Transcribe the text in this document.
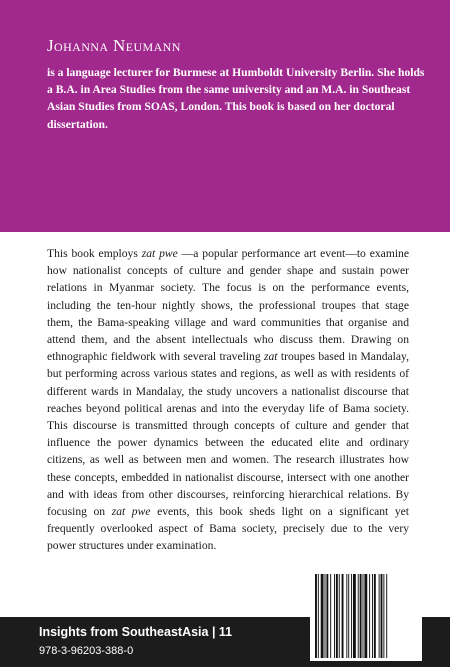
Johanna Neumann

is a language lecturer for Burmese at Humboldt University Berlin. She holds a B.A. in Area Studies from the same university and an M.A. in Southeast Asian Studies from SOAS, London. This book is based on her doctoral dissertation.

This book employs zat pwe —a popular performance art event—to examine how nationalist concepts of culture and gender shape and sustain power relations in Myanmar society. The focus is on the performance events, including the ten-hour nightly shows, the professional troupes that stage them, the Bama-speaking village and ward communities that organise and attend them, and the absent intellectuals who discuss them. Drawing on ethnographic fieldwork with several traveling zat troupes based in Mandalay, but performing across various states and regions, as well as with residents of different wards in Mandalay, the study uncovers a nationalist discourse that reaches beyond political arenas and into the everyday life of Bama society. This discourse is transmitted through concepts of culture and gender that influence the power dynamics between the educated elite and ordinary citizens, as well as between men and women. The research illustrates how these concepts, embedded in nationalist discourse, intersect with one another and with ideas from other discourses, reinforcing hierarchical relations. By focusing on zat pwe events, this book sheds light on a significant yet frequently overlooked aspect of Bama society, precisely due to the very power structures under examination.

Insights from SoutheastAsia | 11

978-3-96203-388-0
